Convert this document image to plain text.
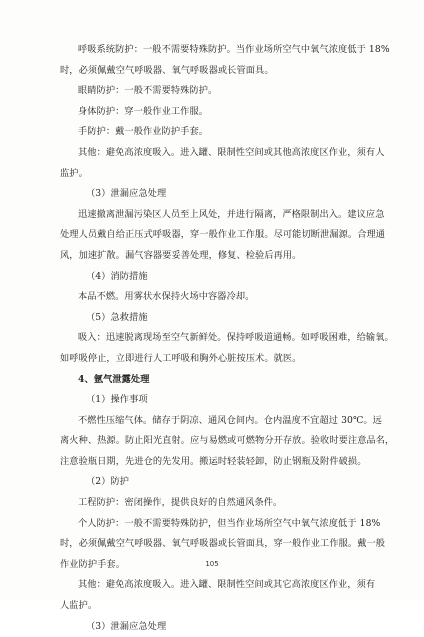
呼吸系统防护：一般不需要特殊防护。当作业场所空气中氧气浓度低于 18%

时，必须佩戴空气呼吸器、氧气呼吸器或长管面具。

眼睛防护：一般不需要特殊防护。

身体防护：穿一般作业工作服。

手防护：戴一般作业防护手套。

其他：避免高浓度吸入。进入罐、限制性空间或其他高浓度区作业，须有人

监护。

（3）泄漏应急处理

迅速撤离泄漏污染区人员至上风处，并进行隔离，严格限制出入。建议应急

处理人员戴自给正压式呼吸器，穿一般作业工作服。尽可能切断泄漏源。合理通

风，加速扩散。漏气容器要妥善处理，修复、检验后再用。

（4）消防措施

本品不燃。用雾状水保持火场中容器冷却。

（5）急救措施

吸入：迅速脱离现场至空气新鲜处。保持呼吸道通畅。如呼吸困难，给输氧。

如呼吸停止，立即进行人工呼吸和胸外心脏按压术。就医。

4、氩气泄露处理

（1）操作事项

不燃性压缩气体。储存于阴凉、通风仓间内。仓内温度不宜超过 30℃。远

离火种、热源。防止阳光直射。应与易燃或可燃物分开存放。验收时要注意品名，

注意验瓶日期，先进仓的先发用。搬运时轻装轻卸，防止钢瓶及附件破损。

（2）防护

工程防护：密闭操作，提供良好的自然通风条件。

个人防护：一般不需要特殊防护，但当作业场所空气中氧气浓度低于 18%

时，必须佩戴空气呼吸器、氧气呼吸器或长管面具，穿一般作业工作服。戴一般

作业防护手套。

其他：避免高浓度吸入。进入罐、限制性空间或其它高浓度区作业，须有

人监护。

（3）泄漏应急处理

105
